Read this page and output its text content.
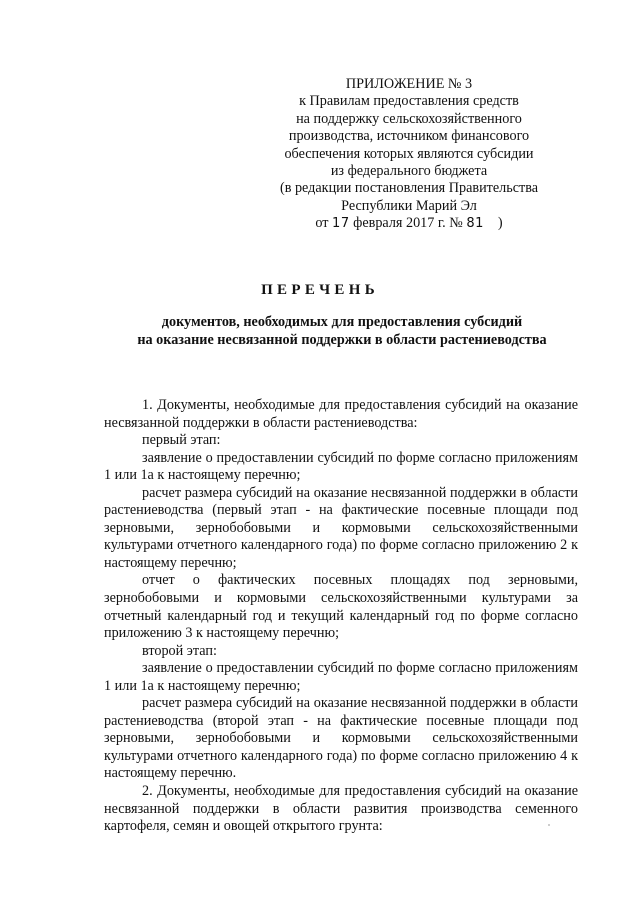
ПРИЛОЖЕНИЕ № 3
к Правилам предоставления средств
на поддержку сельскохозяйственного
производства, источником финансового
обеспечения которых являются субсидии
из федерального бюджета
(в редакции постановления Правительства
Республики Марий Эл
от 17 февраля 2017 г. № 81 )
ПЕРЕЧЕНЬ
документов, необходимых для предоставления субсидий
на оказание несвязанной поддержки в области растениеводства

1. Документы, необходимые для предоставления субсидий на оказание несвязанной поддержки в области растениеводства:

первый этап:

заявление о предоставлении субсидий по форме согласно приложениям 1 или 1а к настоящему перечню;

расчет размера субсидий на оказание несвязанной поддержки в области растениеводства (первый этап - на фактические посевные площади под зерновыми, зернобобовыми и кормовыми сельскохозяйственными культурами отчетного календарного года) по форме согласно приложению 2 к настоящему перечню;

отчет о фактических посевных площадях под зерновыми, зернобобовыми и кормовыми сельскохозяйственными культурами за отчетный календарный год и текущий календарный год по форме согласно приложению 3 к настоящему перечню;

второй этап:

заявление о предоставлении субсидий по форме согласно приложениям 1 или 1а к настоящему перечню;

расчет размера субсидий на оказание несвязанной поддержки в области растениеводства (второй этап - на фактические посевные площади под зерновыми, зернобобовыми и кормовыми сельскохозяйственными культурами отчетного календарного года) по форме согласно приложению 4 к настоящему перечню.

2. Документы, необходимые для предоставления субсидий на оказание несвязанной поддержки в области развития производства семенного картофеля, семян и овощей открытого грунта:
